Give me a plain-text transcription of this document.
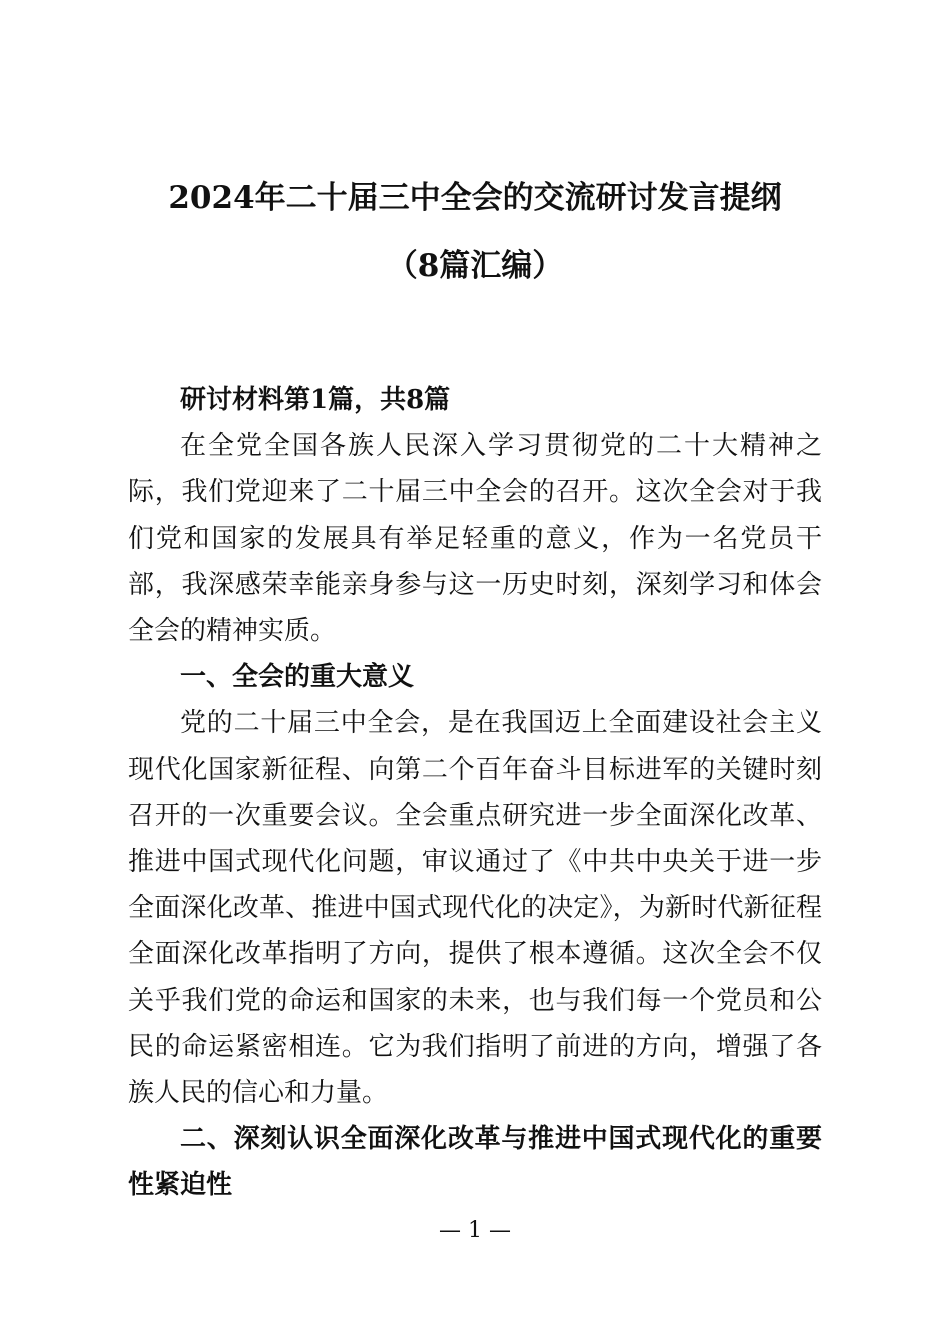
2024年二十届三中全会的交流研讨发言提纲
（8篇汇编）

研讨材料第1篇，共8篇

在全党全国各族人民深入学习贯彻党的二十大精神之际，我们党迎来了二十届三中全会的召开。这次全会对于我们党和国家的发展具有举足轻重的意义，作为一名党员干部，我深感荣幸能亲身参与这一历史时刻，深刻学习和体会全会的精神实质。

一、全会的重大意义

党的二十届三中全会，是在我国迈上全面建设社会主义现代化国家新征程、向第二个百年奋斗目标进军的关键时刻召开的一次重要会议。全会重点研究进一步全面深化改革、推进中国式现代化问题，审议通过了《中共中央关于进一步全面深化改革、推进中国式现代化的决定》，为新时代新征程全面深化改革指明了方向，提供了根本遵循。这次全会不仅关乎我们党的命运和国家的未来，也与我们每一个党员和公民的命运紧密相连。它为我们指明了前进的方向，增强了各族人民的信心和力量。

二、深刻认识全面深化改革与推进中国式现代化的重要性紧迫性

— 1 —
